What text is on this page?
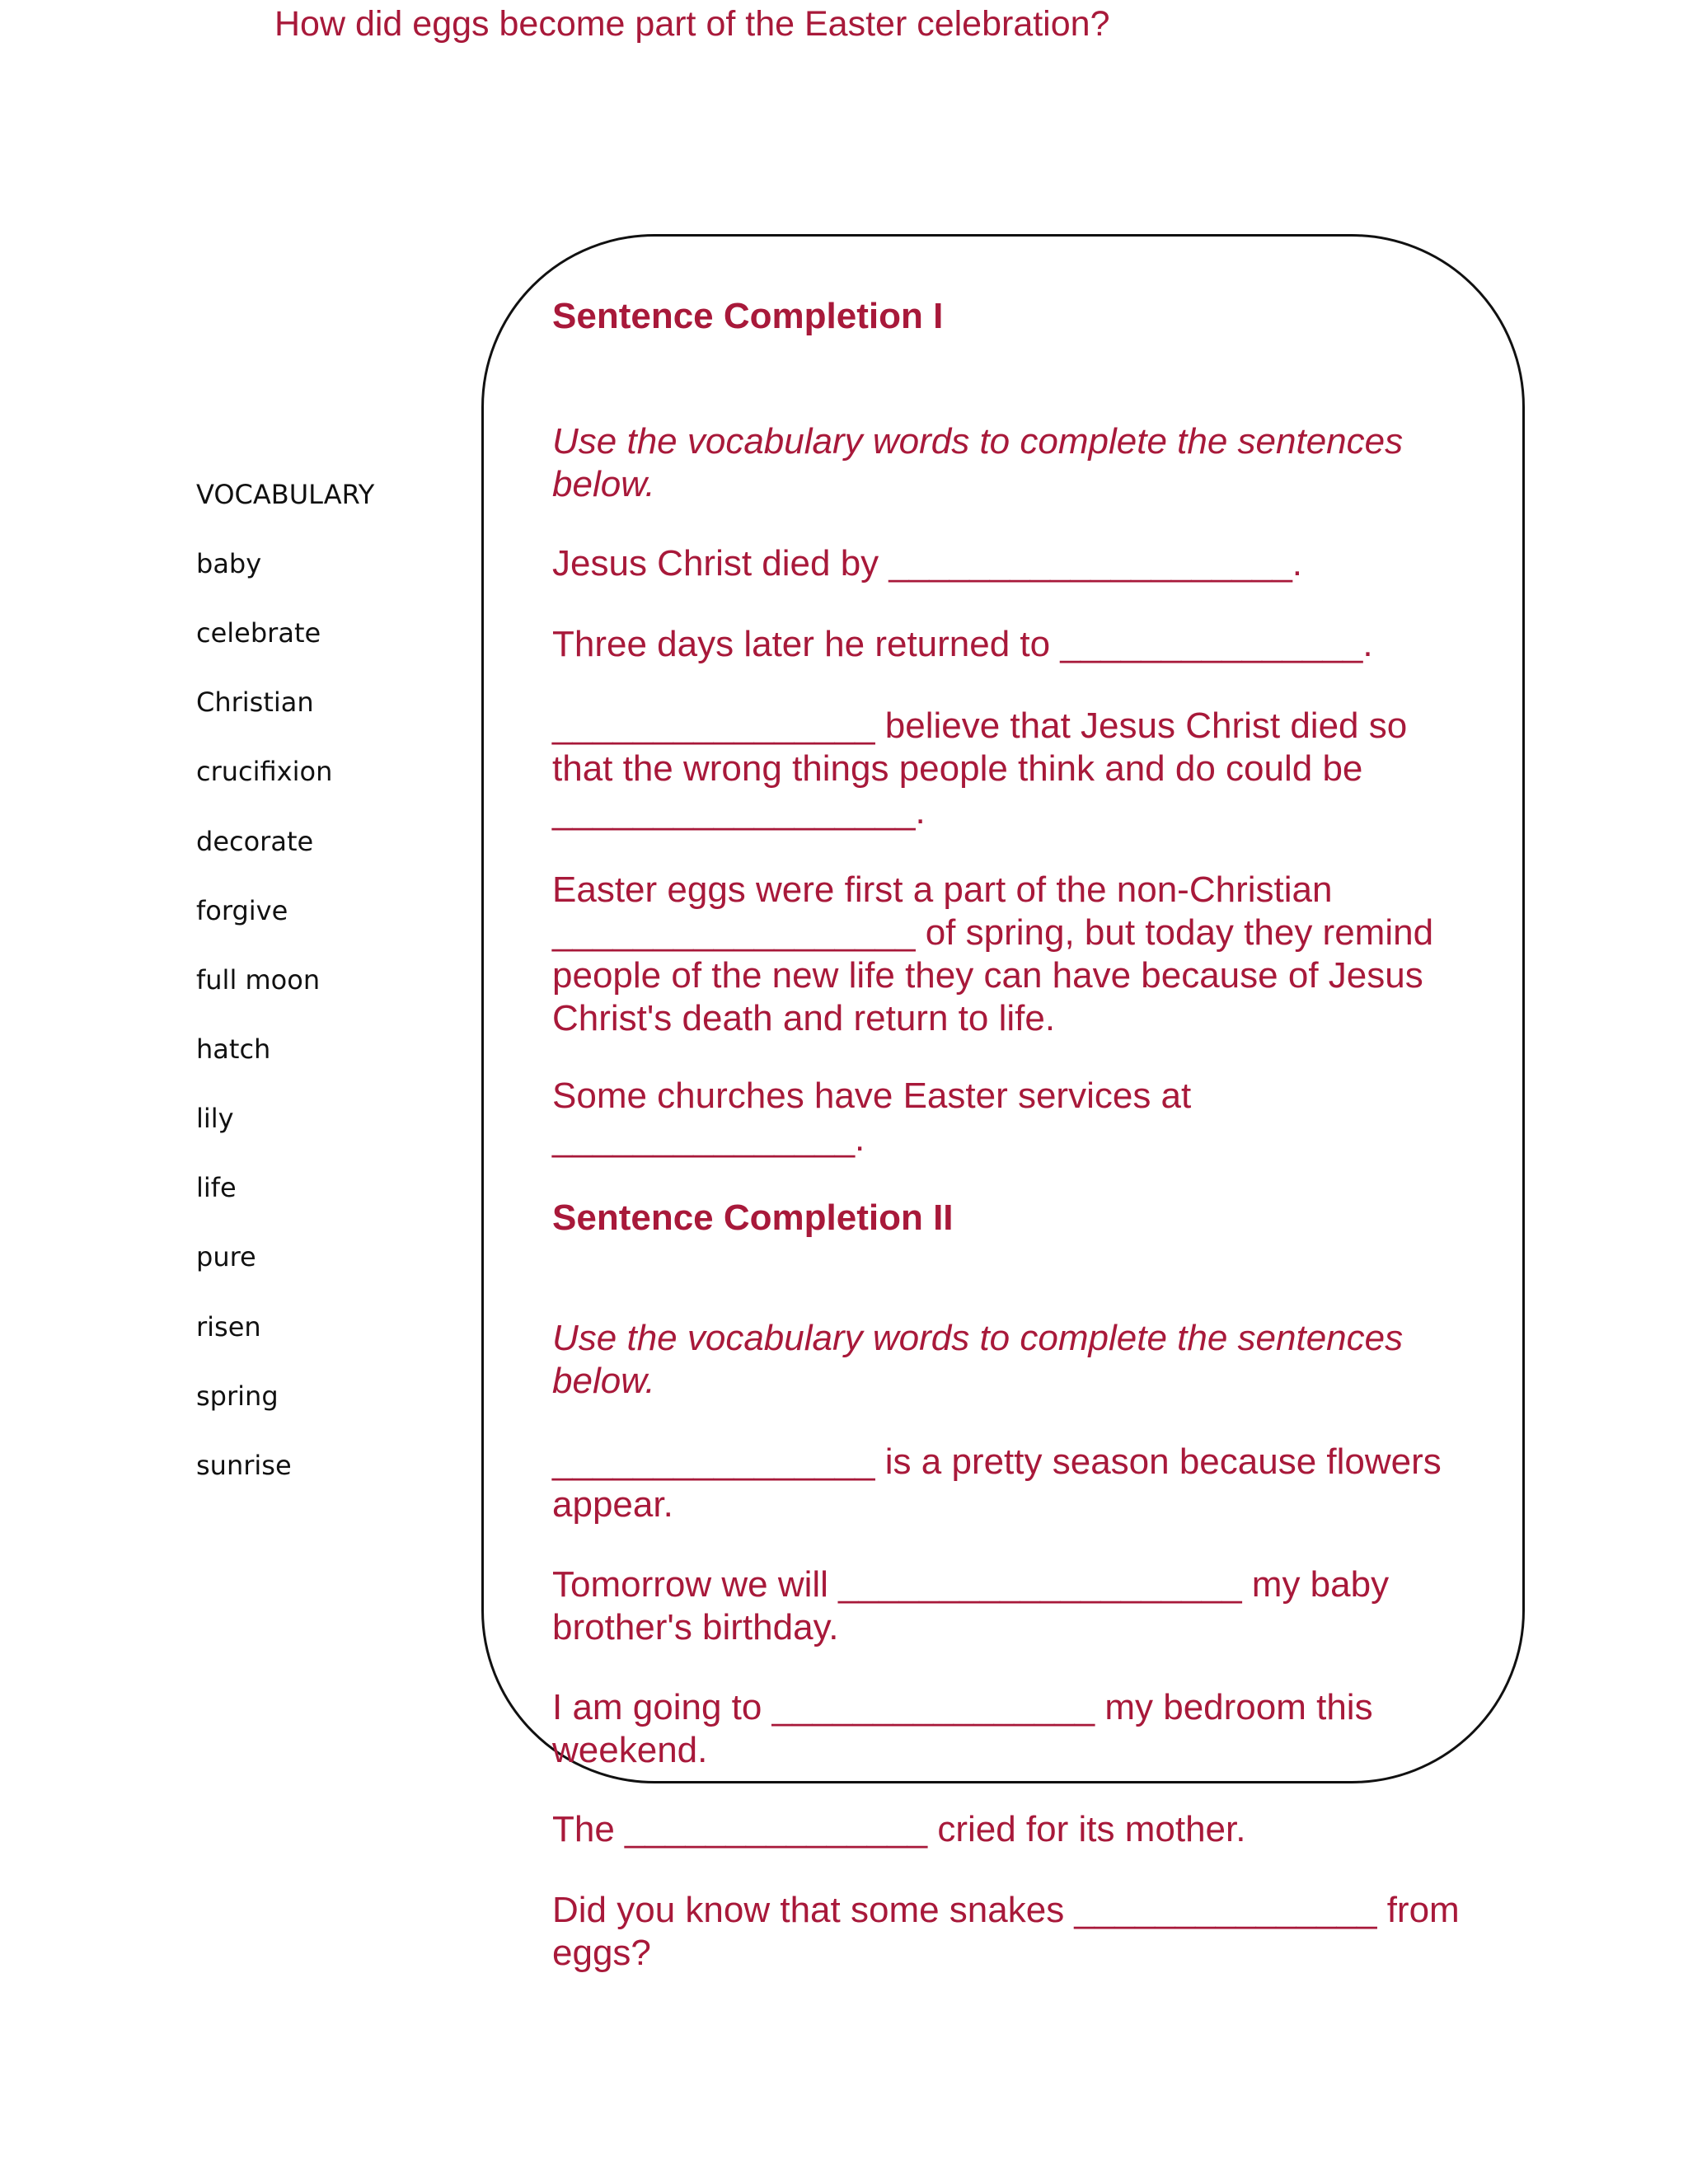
How did eggs become part of the Easter celebration?
VOCABULARY
baby
celebrate
Christian
crucifixion
decorate
forgive
full moon
hatch
lily
life
pure
risen
spring
sunrise
Sentence Completion I
Use the vocabulary words to complete the sentences below.
Jesus Christ died by ____________________.
Three days later he returned to _______________.
________________ believe that Jesus Christ died so that the wrong things people think and do could be __________________.
Easter eggs were first a part of the non-Christian __________________ of spring, but today they remind people of the new life they can have because of Jesus Christ's death and return to life.
Some churches have Easter services at _______________.
Sentence Completion II
Use the vocabulary words to complete the sentences below.
________________ is a pretty season because flowers appear.
Tomorrow we will ____________________ my baby brother's birthday.
I am going to ________________ my bedroom this weekend.
The _______________ cried for its mother.
Did you know that some snakes _______________ from eggs?
